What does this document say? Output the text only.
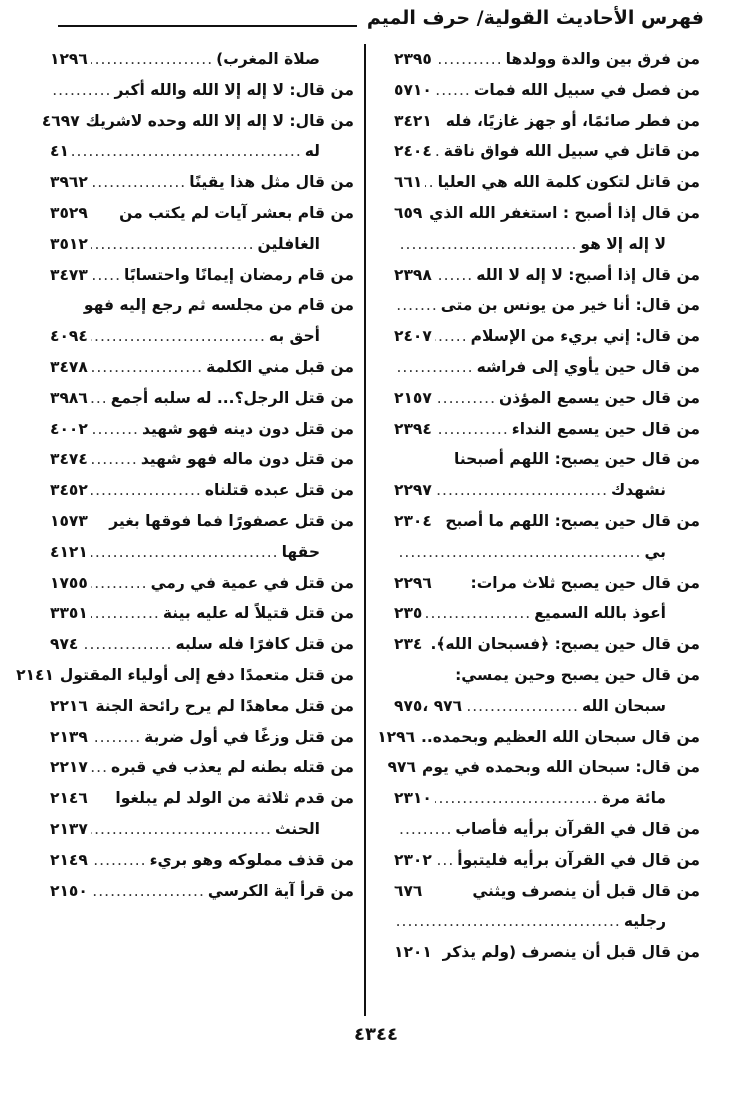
فهرس الأحاديث القولية/ حرف الميم
من فرق بين والدة وولدها
.....
٢٣٩٥
من فصل في سبيل الله فمات
.....
٥٧١٠
من فطر صائمًا، أو جهز غازيًا، فله
٣٤٢١
من قاتل في سبيل الله فواق ناقة
.....
٢٤٠٤
من قاتل لتكون كلمة الله هي العليا
.....
٦٦١
من قال إذا أصبح : استغفر الله الذي
٦٥٩
لا إله إلا هو
.....
من قال إذا أصبح: لا إله لا الله
.....
٢٣٩٨
من قال: أنا خير من يونس بن متى
.....
من قال: إني بريء من الإسلام
.....
٢٤٠٧
من قال حين يأوي إلى فراشه
.....
من قال حين يسمع المؤذن
.....
٢١٥٧
من قال حين يسمع النداء
.....
٢٣٩٤
من قال حين يصبح: اللهم أصبحنا
نشهدك
.....
٢٢٩٧
من قال حين يصبح: اللهم ما أصبح
٢٣٠٤
بي
.....
من قال حين يصبح ثلاث مرات:
٢٢٩٦
أعوذ بالله السميع
.....
٢٣٥
من قال حين يصبح: ﴿فسبحان الله﴾.
٢٣٤
من قال حين يصبح وحين يمسي:
سبحان الله
.....
٩٧٦ ،٩٧٥
من قال سبحان الله العظيم وبحمده..
١٢٩٦
من قال: سبحان الله وبحمده في يوم
٩٧٦
مائة مرة
.....
٢٣١٠
من قال في القرآن برأيه فأصاب
.....
من قال في القرآن برأيه فليتبوأ
.....
٢٣٠٢
من قال قبل أن ينصرف ويثني
٦٧٦
رجليه
.....
من قال قبل أن ينصرف (ولم يذكر
١٢٠١
صلاة المغرب)
.....
١٢٩٦
من قال: لا إله إلا الله والله أكبر
.....
من قال: لا إله إلا الله وحده لاشريك
٤٦٩٧
له
.....
٤١
من قال مثل هذا يقينًا
.....
٣٩٦٢
من قام بعشر آيات لم يكتب من
٣٥٢٩
الغافلين
.....
٣٥١٢
من قام رمضان إيمانًا واحتسابًا
.....
٣٤٧٣
من قام من مجلسه ثم رجع إليه فهو
أحق به
.....
٤٠٩٤
من قبل مني الكلمة
.....
٣٤٧٨
من قتل الرجل؟... له سلبه أجمع
.....
٣٩٨٦
من قتل دون دينه فهو شهيد
.....
٤٠٠٢
من قتل دون ماله فهو شهيد
.....
٣٤٧٤
من قتل عبده قتلناه
.....
٣٤٥٢
من قتل عصفورًا فما فوقها بغير
١٥٧٣
حقها
.....
٤١٢١
من قتل في عمية في رمي
.....
١٧٥٥
من قتل قتيلاً له عليه بينة
.....
٣٣٥١
من قتل كافرًا فله سلبه
.....
٩٧٤
من قتل متعمدًا دفع إلى أولياء المقتول
٢١٤١
من قتل معاهدًا لم يرح رائحة الجنة
.....
٢٢١٦
من قتل وزغًا في أول ضربة
.....
٢١٣٩
من قتله بطنه لم يعذب في قبره
.....
٢٢١٧
من قدم ثلاثة من الولد لم يبلغوا
٢١٤٦
الحنث
.....
٢١٣٧
من قذف مملوكه وهو بريء
.....
٢١٤٩
من قرأ آية الكرسي
.....
٢١٥٠
٤٣٤٤
